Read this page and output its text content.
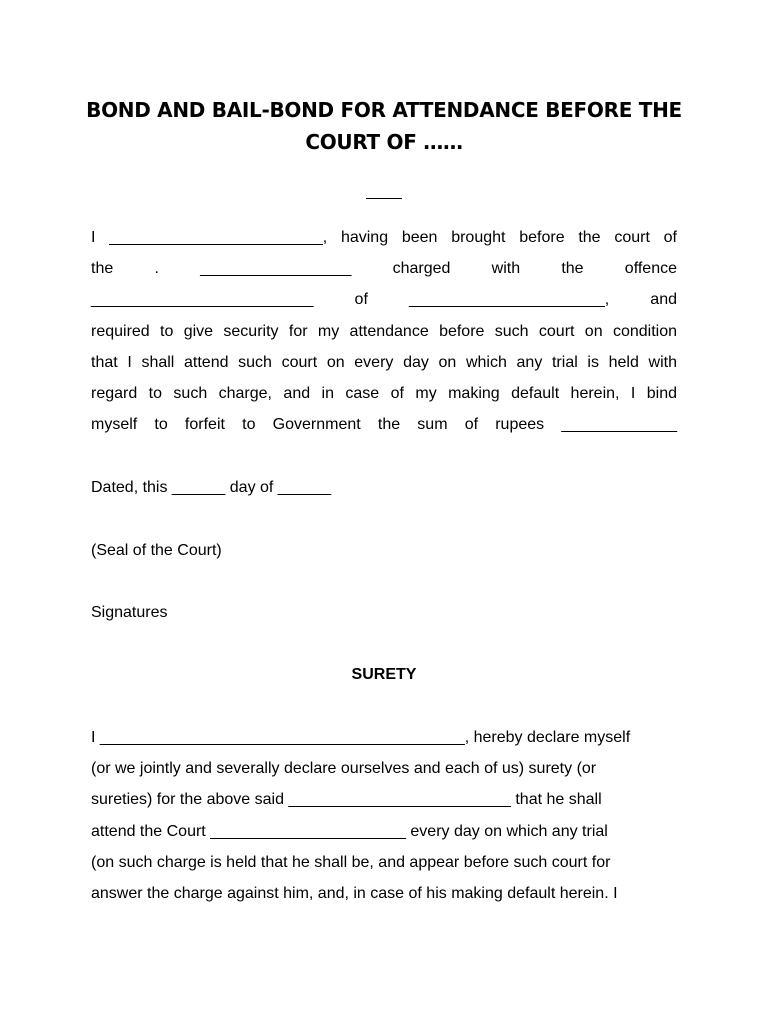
BOND AND BAIL-BOND FOR ATTENDANCE BEFORE THE
COURT OF ……
____
I ________________________, having been brought before the court of
the . _________________ charged with the offence
_________________________ of ______________________, and
required to give security for my attendance before such court on condition
that I shall attend such court on every day on which any trial is held with
regard to such charge, and in case of my making default herein, I bind
myself to forfeit to Government the sum of rupees _____________

Dated, this ______ day of ______

(Seal of the Court)

Signatures

SURETY
I _________________________________________, hereby declare myself
(or we jointly and severally declare ourselves and each of us) surety (or
sureties) for the above said _________________________ that he shall
attend the Court ______________________ every day on which any trial
(on such charge is held that he shall be, and appear before such court for
answer the charge against him, and, in case of his making default herein. I
